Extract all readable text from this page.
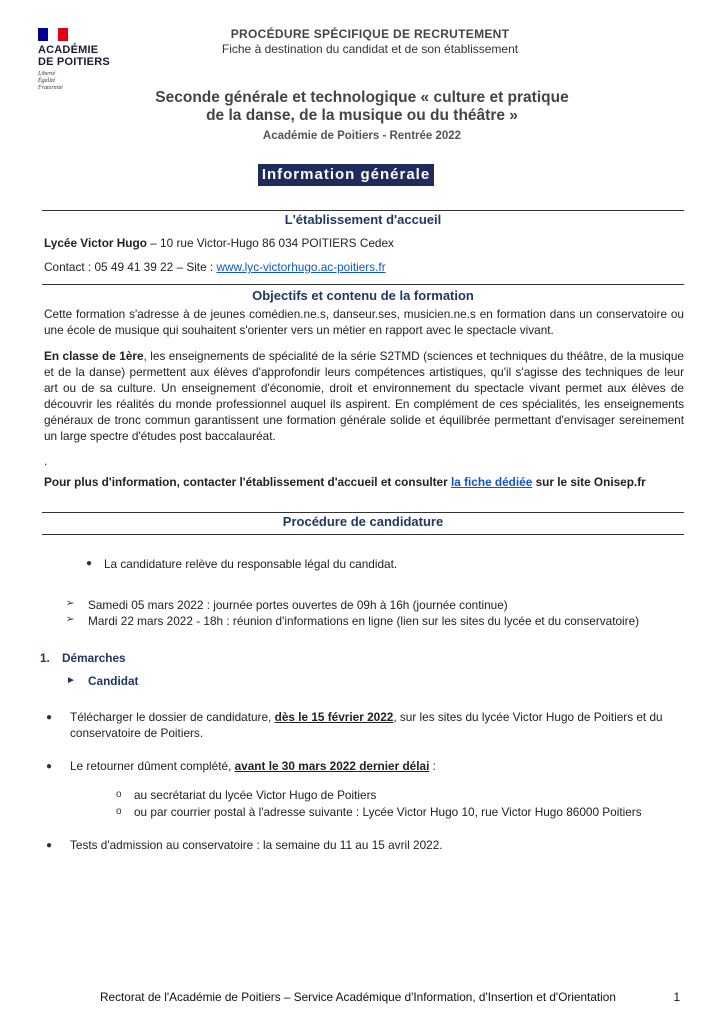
ACADÉMIE
DE POITIERS
Liberté
Égalité
Fraternité
PROCÉDURE SPÉCIFIQUE DE RECRUTEMENT
Fiche à destination du candidat et de son établissement
Seconde générale et technologique « culture et pratique
de la danse, de la musique ou du théâtre »
Académie de Poitiers - Rentrée 2022
Information générale
L'établissement d'accueil
Lycée Victor Hugo – 10 rue Victor-Hugo 86 034 POITIERS Cedex
Contact : 05 49 41 39 22 – Site : www.lyc-victorhugo.ac-poitiers.fr
Objectifs et contenu de la formation
Cette formation s'adresse à de jeunes comédien.ne.s, danseur.ses, musicien.ne.s en formation dans un conservatoire ou une école de musique qui souhaitent s'orienter vers un métier en rapport avec le spectacle vivant.
En classe de 1ère, les enseignements de spécialité de la série S2TMD (sciences et techniques du théâtre, de la musique et de la danse) permettent aux élèves d'approfondir leurs compétences artistiques, qu'il s'agisse des techniques de leur art ou de sa culture. Un enseignement d'économie, droit et environnement du spectacle vivant permet aux élèves de découvrir les réalités du monde professionnel auquel ils aspirent. En complément de ces spécialités, les enseignements généraux de tronc commun garantissent une formation générale solide et équilibrée permettant d'envisager sereinement un large spectre d'études post baccalauréat.
.
Pour plus d'information, contacter l'établissement d'accueil et consulter la fiche dédiée sur le site Onisep.fr
Procédure de candidature
● La candidature relève du responsable légal du candidat.
➢ Samedi 05 mars 2022 : journée portes ouvertes de 09h à 16h (journée continue)
➢ Mardi 22 mars 2022 - 18h : réunion d'informations en ligne (lien sur les sites du lycée et du conservatoire)
1. Démarches
► Candidat
● Télécharger le dossier de candidature, dès le 15 février 2022, sur les sites du lycée Victor Hugo de Poitiers et du conservatoire de Poitiers.
● Le retourner dûment complété, avant le 30 mars 2022 dernier délai :
o au secrétariat du lycée Victor Hugo de Poitiers
o ou par courrier postal à l'adresse suivante : Lycée Victor Hugo 10, rue Victor Hugo 86000 Poitiers
● Tests d'admission au conservatoire : la semaine du 11 au 15 avril 2022.
Rectorat de l'Académie de Poitiers – Service Académique d'Information, d'Insertion et d'Orientation	1
